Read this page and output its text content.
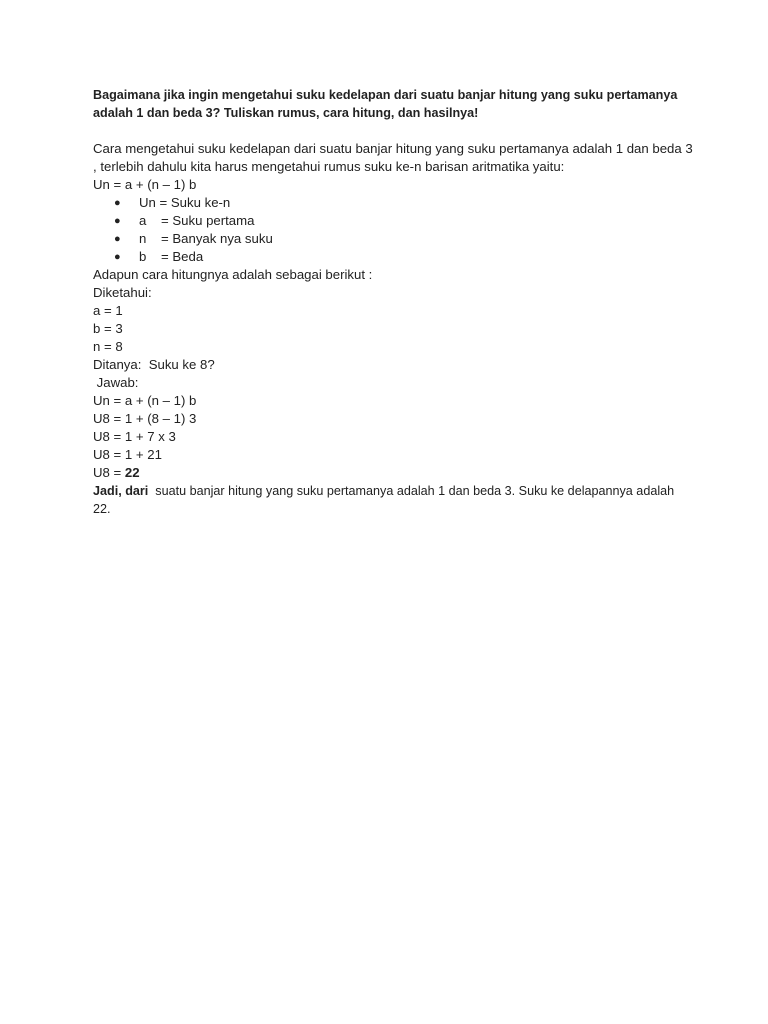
Bagaimana jika ingin mengetahui suku kedelapan dari suatu banjar hitung yang suku pertamanya adalah 1 dan beda 3? Tuliskan rumus, cara hitung, dan hasilnya!

Cara mengetahui suku kedelapan dari suatu banjar hitung yang suku pertamanya adalah 1 dan beda 3 , terlebih dahulu kita harus mengetahui rumus suku ke-n barisan aritmatika yaitu:

Un = a + (n – 1) b

● Un = Suku ke-n
● a    = Suku pertama
● n    = Banyak nya suku
● b    = Beda

Adapun cara hitungnya adalah sebagai berikut :

Diketahui:

a = 1

b = 3

n = 8

Ditanya:  Suku ke 8?

Jawab:

Un = a + (n – 1) b

U8 = 1 + (8 – 1) 3

U8 = 1 + 7 x 3

U8 = 1 + 21

U8 = 22

Jadi, dari  suatu banjar hitung yang suku pertamanya adalah 1 dan beda 3. Suku ke delapannya adalah 22.
